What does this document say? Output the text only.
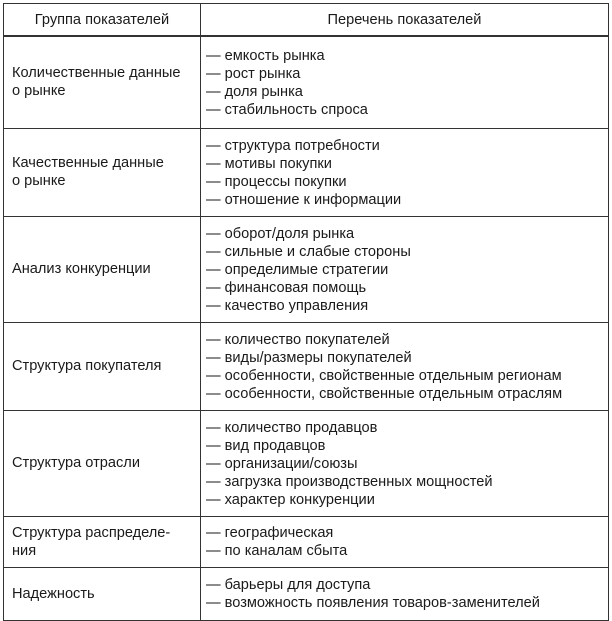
Группа показателей	Перечень показателей

Количественные данные
о рынке	— емкость рынка
— рост рынка
— доля рынка
— стабильность спроса

Качественные данные
о рынке	— структура потребности
— мотивы покупки
— процессы покупки
— отношение к информации

Анализ конкуренции	— оборот/доля рынка
— сильные и слабые стороны
— определимые стратегии
— финансовая помощь
— качество управления

Структура покупателя	— количество покупателей
— виды/размеры покупателей
— особенности, свойственные отдельным регионам
— особенности, свойственные отдельным отраслям

Структура отрасли	— количество продавцов
— вид продавцов
— организации/союзы
— загрузка производственных мощностей
— характер конкуренции

Структура распределе-
ния	— географическая
— по каналам сбыта

Надежность	— барьеры для доступа
— возможность появления товаров-заменителей
